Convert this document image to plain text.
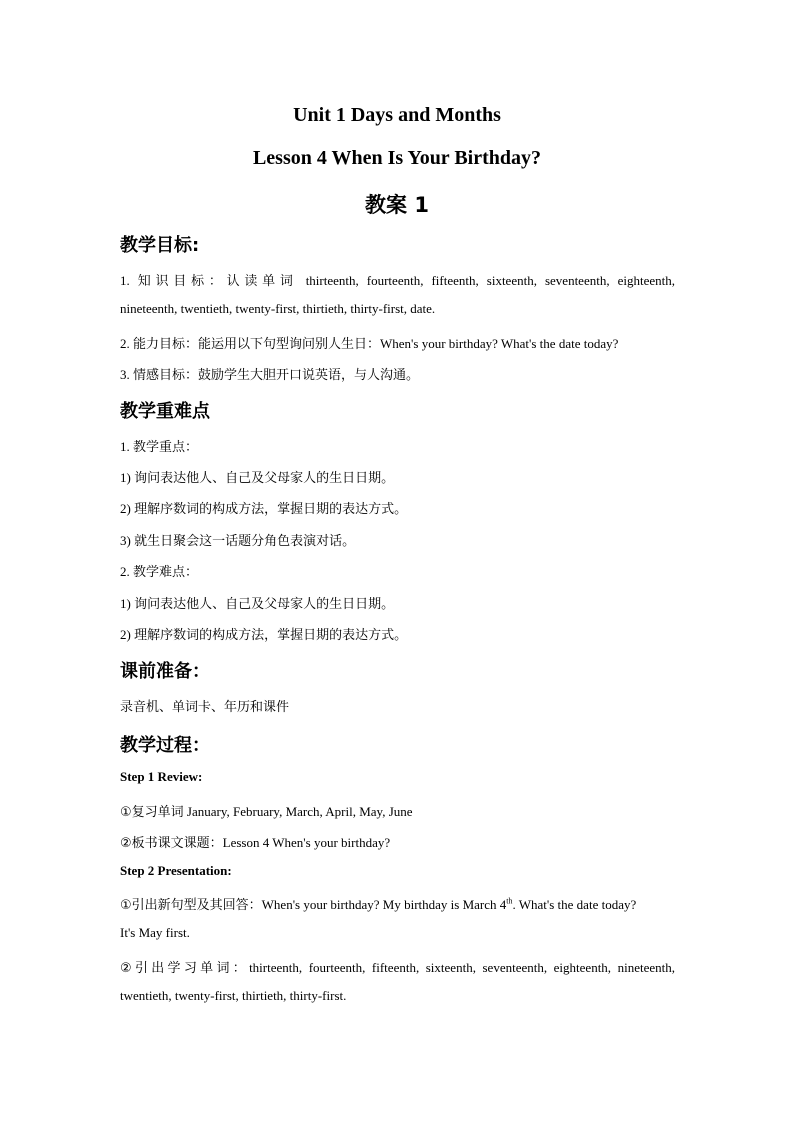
Unit 1 Days and Months
Lesson 4 When Is Your Birthday?
教案 1
教学目标:
1. 知识目标：认读单词 thirteenth, fourteenth, fifteenth, sixteenth, seventeenth, eighteenth,
nineteenth, twentieth, twenty-first, thirtieth, thirty-first, date.
2. 能力目标：能运用以下句型询问别人生日：When's your birthday? What's the date today?
3. 情感目标：鼓励学生大胆开口说英语，与人沟通。
教学重难点
1. 教学重点：
1) 询问表达他人、自己及父母家人的生日日期。
2) 理解序数词的构成方法，掌握日期的表达方式。
3) 就生日聚会这一话题分角色表演对话。
2. 教学难点：
1) 询问表达他人、自己及父母家人的生日日期。
2) 理解序数词的构成方法，掌握日期的表达方式。
课前准备：
录音机、单词卡、年历和课件
教学过程：
Step 1 Review:
①复习单词 January, February, March, April, May, June
②板书课文课题：Lesson 4 When's your birthday?
Step 2 Presentation:
①引出新句型及其回答：When's your birthday? My birthday is March 4th. What's the date today?
It's May first.
②引出学习单词：thirteenth, fourteenth, fifteenth, sixteenth, seventeenth, eighteenth, nineteenth,
twentieth, twenty-first, thirtieth, thirty-first.
